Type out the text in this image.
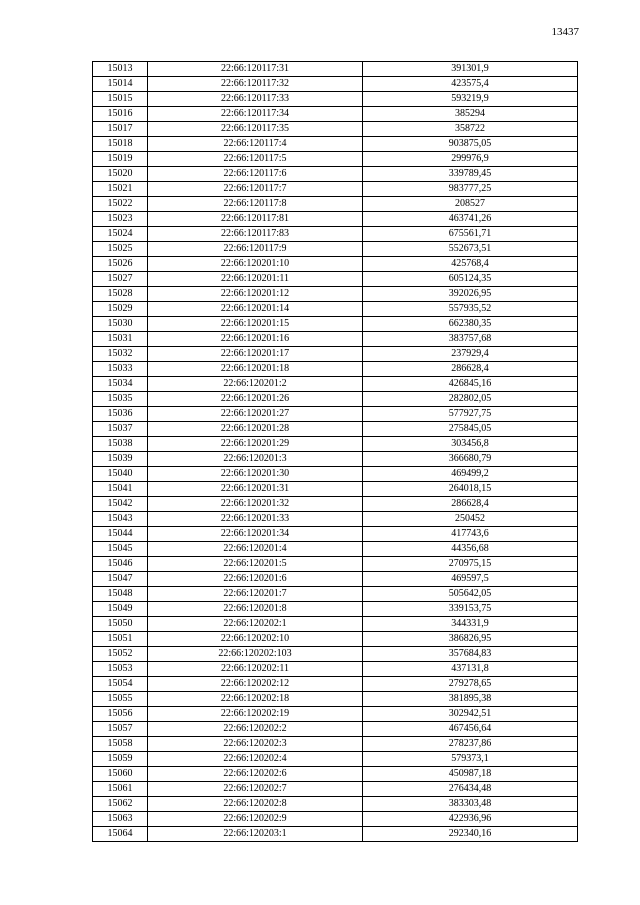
13437
15013	22:66:120117:31	391301,9
15014	22:66:120117:32	423575,4
15015	22:66:120117:33	593219,9
15016	22:66:120117:34	385294
15017	22:66:120117:35	358722
15018	22:66:120117:4	903875,05
15019	22:66:120117:5	299976,9
15020	22:66:120117:6	339789,45
15021	22:66:120117:7	983777,25
15022	22:66:120117:8	208527
15023	22:66:120117:81	463741,26
15024	22:66:120117:83	675561,71
15025	22:66:120117:9	552673,51
15026	22:66:120201:10	425768,4
15027	22:66:120201:11	605124,35
15028	22:66:120201:12	392026,95
15029	22:66:120201:14	557935,52
15030	22:66:120201:15	662380,35
15031	22:66:120201:16	383757,68
15032	22:66:120201:17	237929,4
15033	22:66:120201:18	286628,4
15034	22:66:120201:2	426845,16
15035	22:66:120201:26	282802,05
15036	22:66:120201:27	577927,75
15037	22:66:120201:28	275845,05
15038	22:66:120201:29	303456,8
15039	22:66:120201:3	366680,79
15040	22:66:120201:30	469499,2
15041	22:66:120201:31	264018,15
15042	22:66:120201:32	286628,4
15043	22:66:120201:33	250452
15044	22:66:120201:34	417743,6
15045	22:66:120201:4	44356,68
15046	22:66:120201:5	270975,15
15047	22:66:120201:6	469597,5
15048	22:66:120201:7	505642,05
15049	22:66:120201:8	339153,75
15050	22:66:120202:1	344331,9
15051	22:66:120202:10	386826,95
15052	22:66:120202:103	357684,83
15053	22:66:120202:11	437131,8
15054	22:66:120202:12	279278,65
15055	22:66:120202:18	381895,38
15056	22:66:120202:19	302942,51
15057	22:66:120202:2	467456,64
15058	22:66:120202:3	278237,86
15059	22:66:120202:4	579373,1
15060	22:66:120202:6	450987,18
15061	22:66:120202:7	276434,48
15062	22:66:120202:8	383303,48
15063	22:66:120202:9	422936,96
15064	22:66:120203:1	292340,16
